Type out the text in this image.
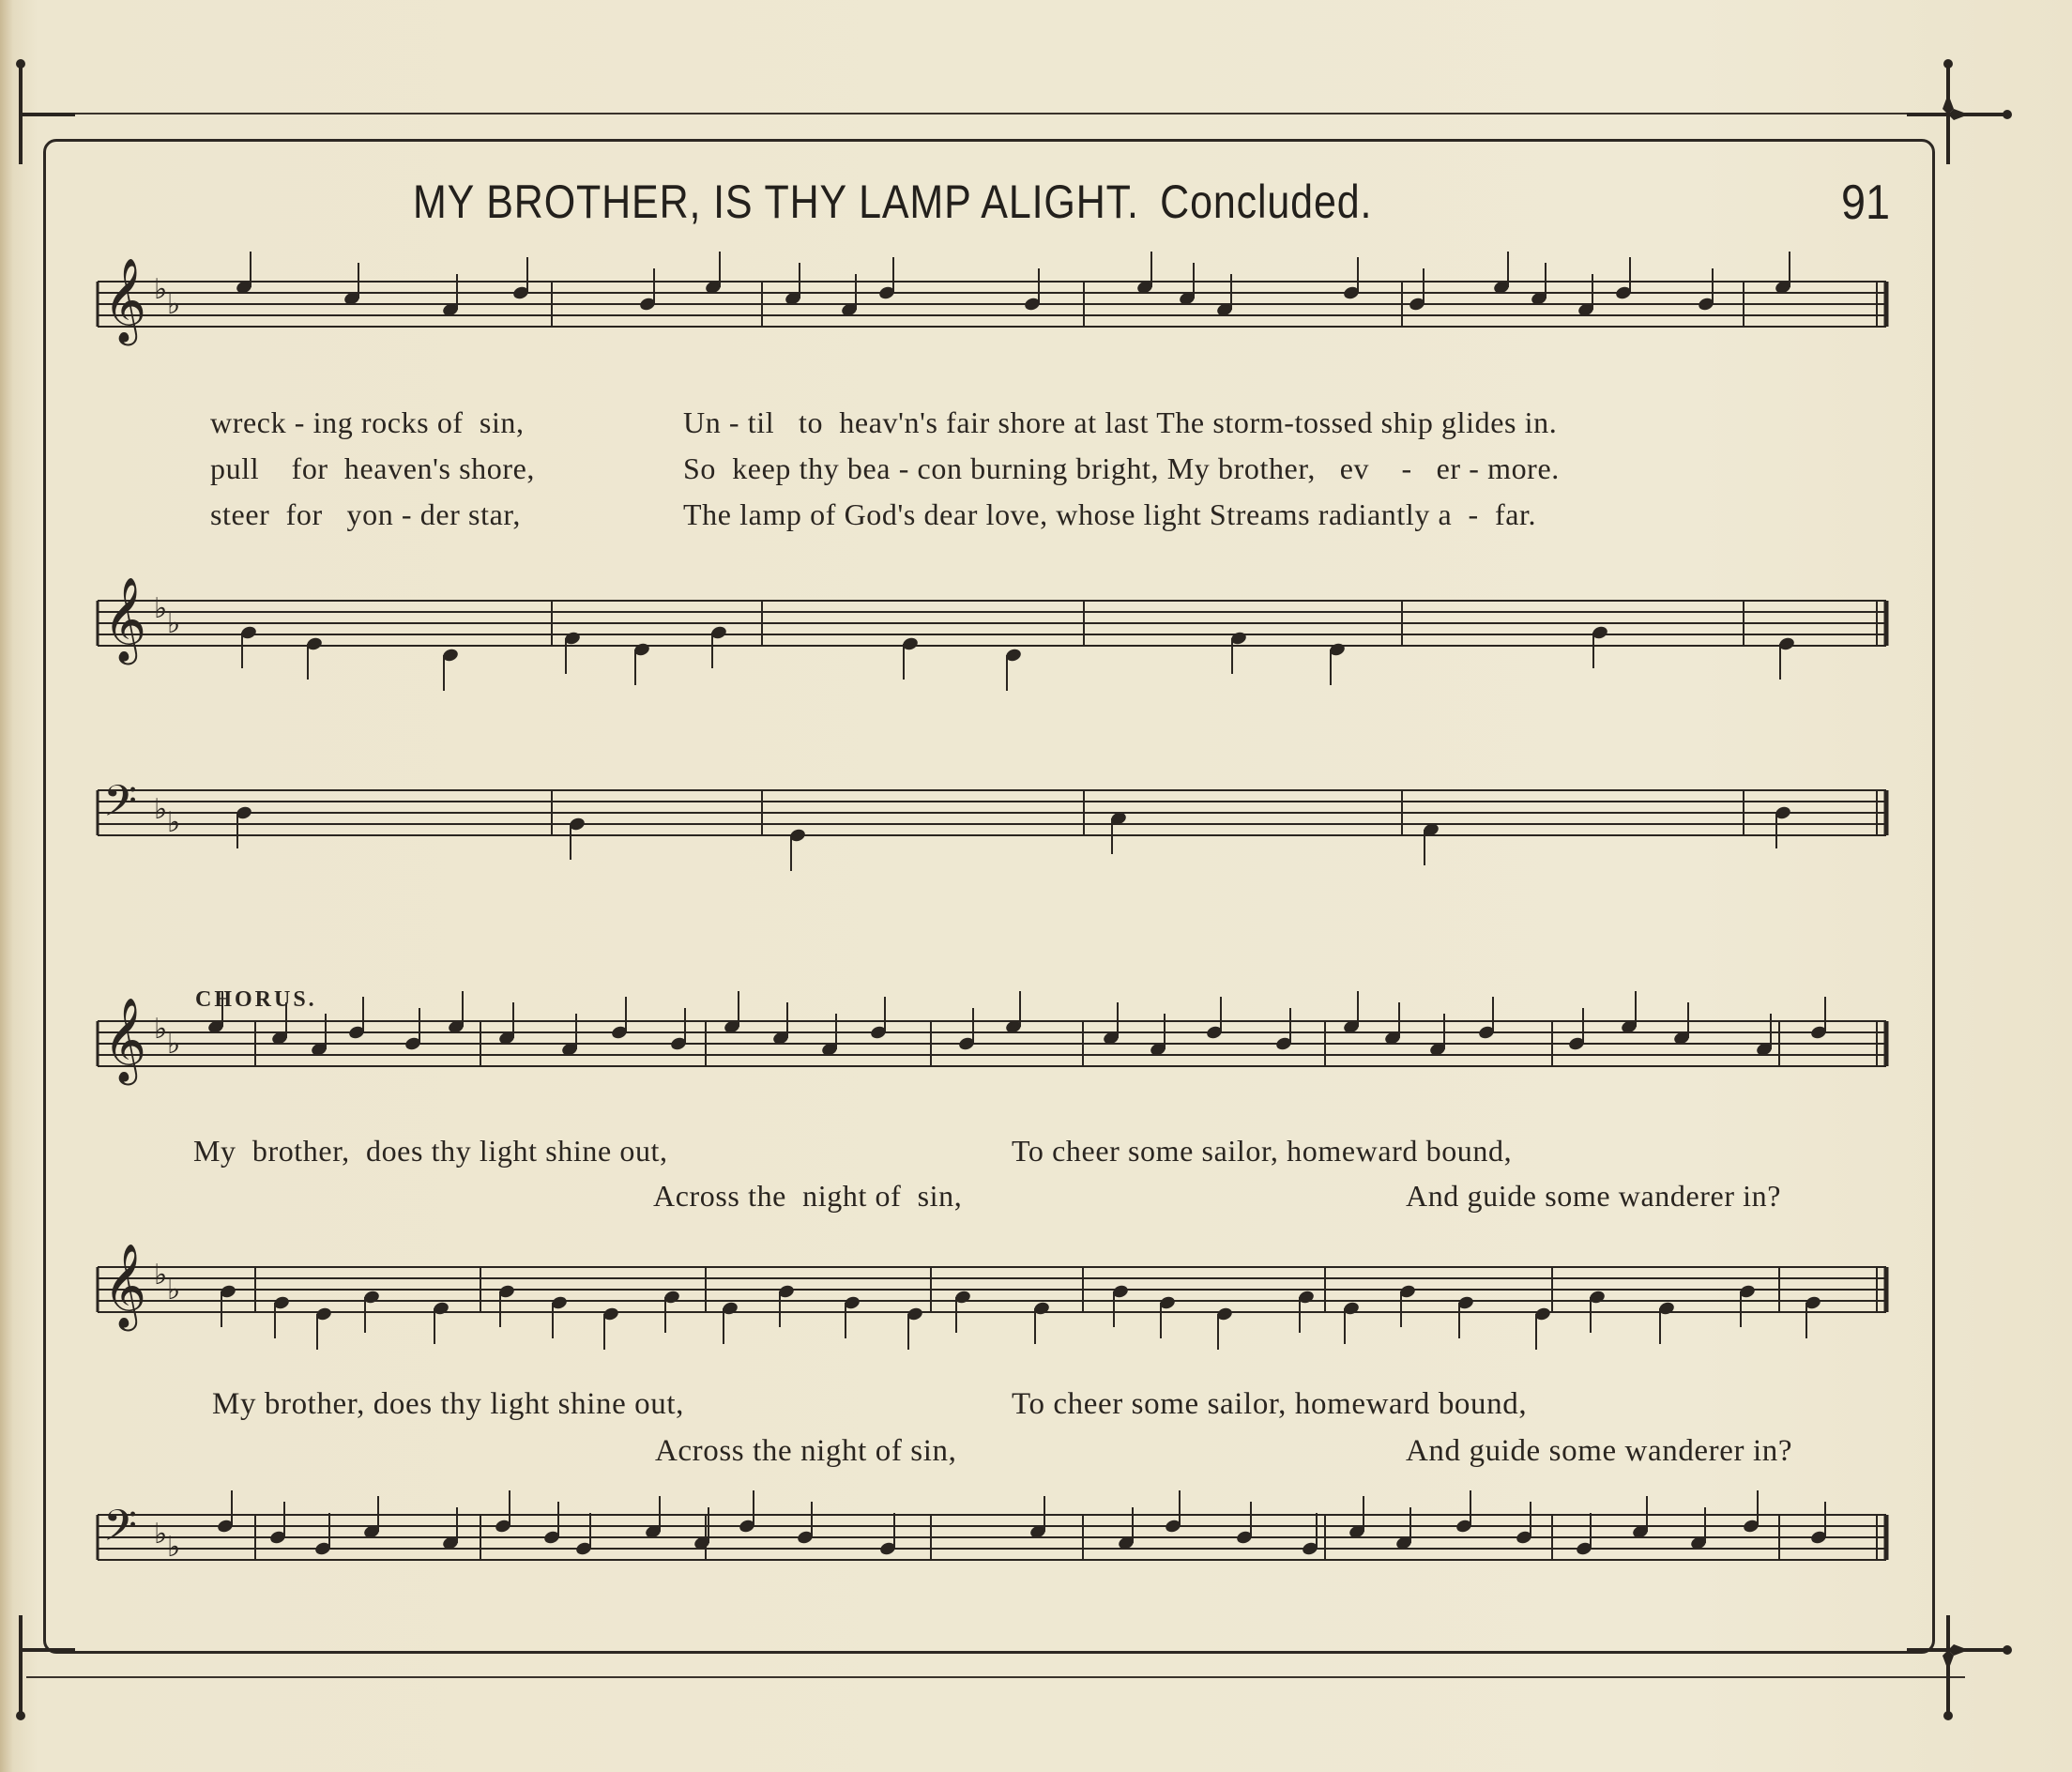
MY BROTHER, IS THY LAMP ALIGHT. Concluded.	91
𝄞 ♭ ♭
𝄞 ♭ ♭
𝄢 ♭ ♭
𝄞 ♭ ♭
𝄞 ♭ ♭
𝄢 ♭ ♭
wreck - ing rocks of  sin,	Un - til   to  heav'n's fair shore at last The storm-tossed ship glides in.
pull    for  heaven's shore,	So  keep thy bea - con burning bright, My brother,   ev    -   er - more.
steer  for   yon - der star,	The lamp of God's dear love, whose light Streams radiantly a  -  far.
CHORUS.
My  brother,  does thy light shine out,	To cheer some sailor, homeward bound,
Across the  night of  sin,	And guide some wanderer in?
My brother, does thy light shine out,	To cheer some sailor, homeward bound,
Across the night of sin,	And guide some wanderer in?
